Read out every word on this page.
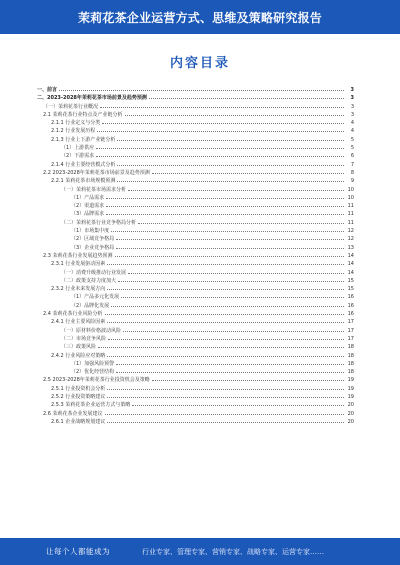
茉莉花茶企业运营方式、思维及策略研究报告
内容目录
一、前言	3
二、2023-2028年茉莉花茶市场前景及趋势预测	3
（一）茉莉花茶行业概况	3
2.1 茉莉花茶行业特点及产业链分析	3
2.1.1 行业定义与分类	4
2.1.2 行业发展历程	4
2.1.3 行业上下游产业链分析	5
（1）上游供应	5
（2）下游需求	6
2.1.4 行业主要经营模式分析	7
2.2 2023-2028年茉莉花茶市场前景及趋势预测	8
2.2.1 茉莉花茶市场规模预测	9
（一）茉莉花茶市场需求分析	10
（1）产品需求	10
（2）渠道需求	11
（3）品牌需求	11
（二）茉莉花茶行业竞争格局分析	11
（1）市场集中度	12
（2）区域竞争格局	12
（3）企业竞争格局	13
2.3 茉莉花茶行业发展趋势预测	14
2.3.1 行业发展驱动因素	14
（一）消费升级推动行业发展	14
（二）政策支持力度加大	15
2.3.2 行业未来发展方向	15
（1）产品多元化发展	16
（2）品牌化发展	16
2.4 茉莉花茶行业风险分析	16
2.4.1 行业主要风险因素	17
（一）原材料价格波动风险	17
（二）市场竞争风险	17
（三）政策风险	18
2.4.2 行业风险应对策略	18
（1）加强风险预警	18
（2）优化经营结构	18
2.5 2023-2028年茉莉花茶行业投资机会及策略	19
2.5.1 行业投资机会分析	19
2.5.2 行业投资策略建议	19
2.5.3 茉莉花茶企业运营方式与策略	20
2.6 茉莉花茶企业发展建议	20
2.6.1 企业战略规划建议	20
让每个人都能成为	行业专家、管理专家、营销专家、战略专家、运营专家……
